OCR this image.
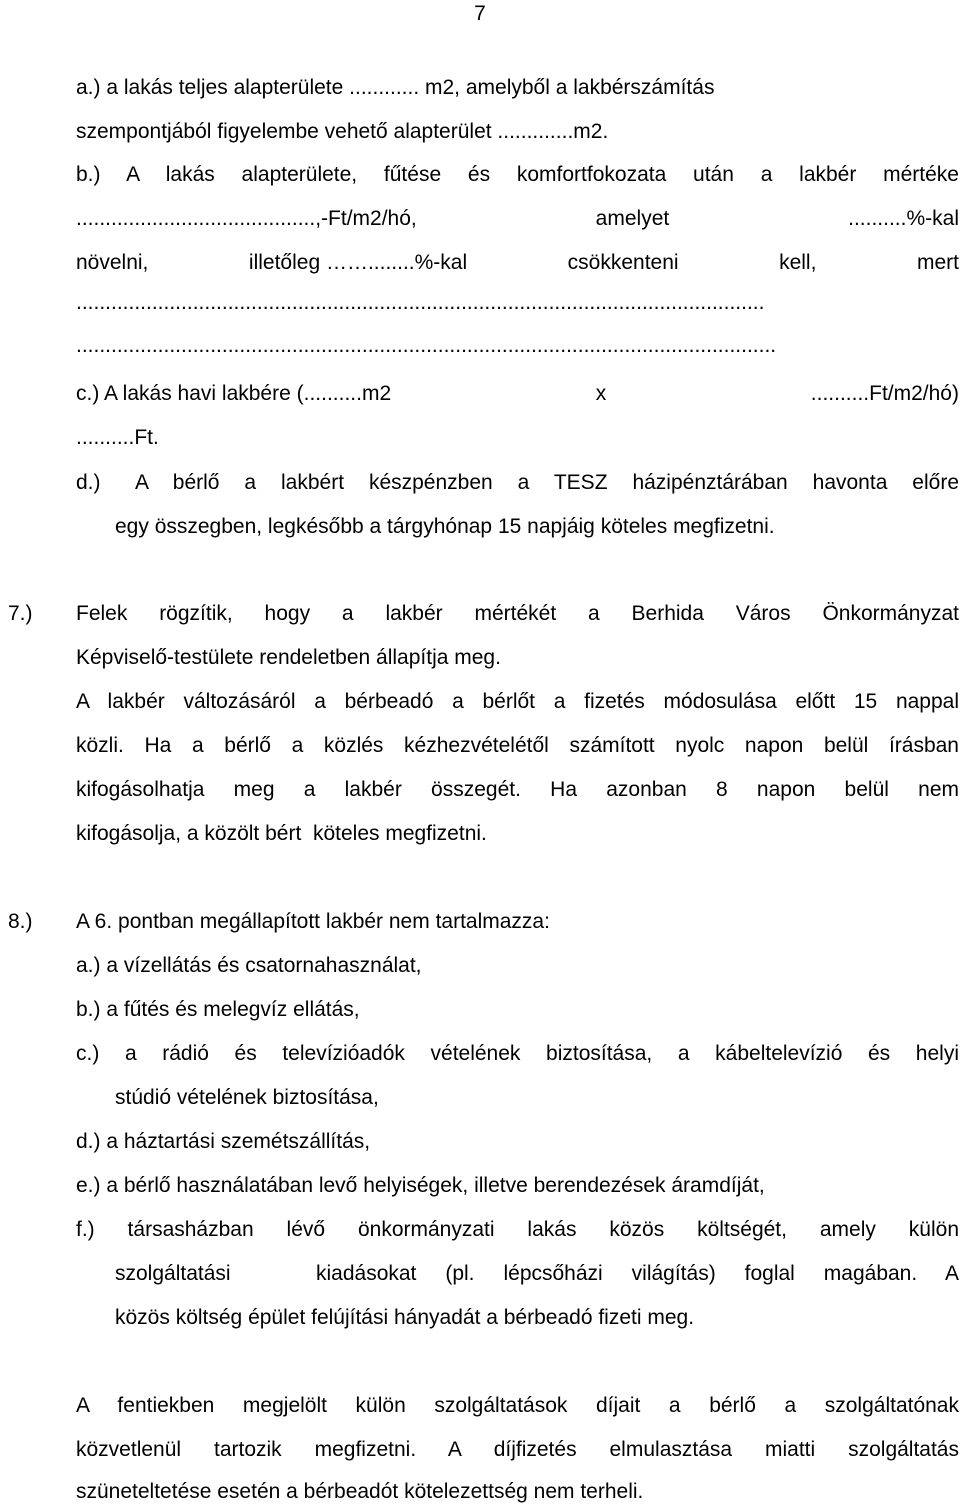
7
a.) a lakás teljes alapterülete ............ m2, amelyből a lakbérszámítás
szempontjából figyelembe vehető alapterület .............m2.
b.) A lakás alapterülete, fűtése és komfortfokozata után a lakbér mértéke
.........................................,-Ft/m2/hó,	amelyet	..........%-kal
növelni,	illetőleg ……........%-kal	csökkenteni	kell,	mert
......................................................................................................................
........................................................................................................................
c.) A lakás havi lakbére (..........m2	x	..........Ft/m2/hó)
..........Ft.
d.) A bérlő a lakbért készpénzben a TESZ házipénztárában havonta előre
egy összegben, legkésőbb a tárgyhónap 15 napjáig köteles megfizetni.
7.) Felek rögzítik, hogy a lakbér mértékét a Berhida Város Önkormányzat
Képviselő-testülete rendeletben állapítja meg.
A lakbér változásáról a bérbeadó a bérlőt a fizetés módosulása előtt 15 nappal
közli. Ha a bérlő a közlés kézhezvételétől számított nyolc napon belül írásban
kifogásolhatja meg a lakbér összegét. Ha azonban 8 napon belül nem
kifogásolja, a közölt bért  köteles megfizetni.
8.) A 6. pontban megállapított lakbér nem tartalmazza:
a.) a vízellátás és csatornahasználat,
b.) a fűtés és melegvíz ellátás,
c.) a rádió és televízióadók vételének biztosítása, a kábeltelevízió és helyi
stúdió vételének biztosítása,
d.) a háztartási szemétszállítás,
e.) a bérlő használatában levő helyiségek, illetve berendezések áramdíját,
f.) társasházban lévő önkormányzati lakás közös költségét, amely külön
szolgáltatási	kiadásokat (pl. lépcsőházi világítás) foglal magában. A
közös költség épület felújítási hányadát a bérbeadó fizeti meg.
A fentiekben megjelölt külön szolgáltatások díjait a bérlő a szolgáltatónak
közvetlenül tartozik megfizetni. A díjfizetés elmulasztása miatti szolgáltatás
szüneteltetése esetén a bérbeadót kötelezettség nem terheli.
